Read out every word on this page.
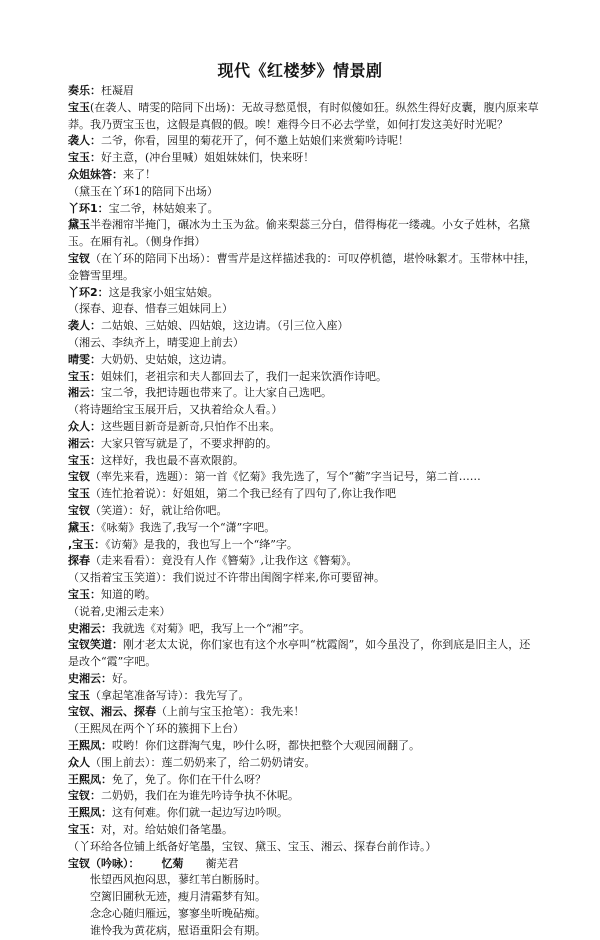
现代《红楼梦》情景剧
奏乐：枉凝眉
宝玉(在袭人、晴雯的陪同下出场)：无故寻愁觅恨，有时似傻如狂。纵然生得好皮囊，腹内原来草莽。我乃贾宝玉也，这假是真假的假。唉！难得今日不必去学堂，如何打发这美好时光呢？
袭人：二爷，你看，园里的菊花开了，何不邀上姑娘们来赏菊吟诗呢！
宝玉：好主意，(冲台里喊）姐姐妹妹们，快来呀！
众姐妹答：来了！
（黛玉在丫环1的陪同下出场）
丫环1：宝二爷，林姑娘来了。
黛玉半卷湘帘半掩门，碾冰为土玉为盆。偷来梨蕊三分白，借得梅花一缕魂。小女子姓林，名黛玉。在厢有礼。（侧身作揖）
宝钗（在丫环的陪同下出场）：曹雪芹是这样描述我的：可叹停机德，堪怜咏絮才。玉带林中挂，金簪雪里埋。
丫环2：这是我家小姐宝姑娘。
（探春、迎春、惜春三姐妹同上）
袭人：二姑娘、三姑娘、四姑娘，这边请。（引三位入座）
（湘云、李纨齐上，晴雯迎上前去）
晴雯：大奶奶、史姑娘，这边请。
宝玉：姐妹们，老祖宗和夫人都回去了，我们一起来饮酒作诗吧。
湘云：宝二爷，我把诗题也带来了。让大家自己选吧。
（将诗题给宝玉展开后，又执着给众人看。）
众人：这些题目新奇是新奇,只怕作不出来。
湘云：大家只管写就是了，不要求押韵的。
宝玉：这样好，我也最不喜欢限韵。
宝钗（率先来看，选题）：第一首《忆菊》我先选了，写个“蘅”字当记号，第二首……
宝玉（连忙抢着说）：好姐姐，第二个我已经有了四句了,你让我作吧
宝钗（笑道）：好，就让给你吧。
黛玉：《咏菊》我选了,我写一个“潇”字吧。
,宝玉：《访菊》是我的，我也写上一个“绛”字。
探春（走来看看）：竟没有人作《簪菊》,让我作这《簪菊》。
（又指着宝玉笑道）：我们说过不许带出闺阁字样来,你可要留神。
宝玉：知道的哟。
（说着,史湘云走来）
史湘云：我就选《对菊》吧，我写上一个“湘”字。
宝钗笑道：刚才老太太说，你们家也有这个水亭叫“枕霞阁”，如今虽没了，你到底是旧主人，还是改个“霞”字吧。
史湘云：好。
宝玉（拿起笔准备写诗）：我先写了。
宝钗、湘云、探春（上前与宝玉抢笔）：我先来！
（王熙凤在两个丫环的簇拥下上台）
王熙凤：哎哟！你们这群淘气鬼，吵什么呀，都快把整个大观园闹翻了。
众人（围上前去）：莲二奶奶来了，给二奶奶请安。
王熙凤：免了，免了。你们在干什么呀？
宝钗：二奶奶，我们在为谁先吟诗争执不休呢。
王熙凤：这有何难。你们就一起边写边吟呗。
宝玉：对，对。给姑娘们备笔墨。
（丫环给各位铺上纸备好笔墨，宝钗、黛玉、宝玉、湘云、探春台前作诗。）
宝钗（吟咏）： 忆菊 蘅芜君
怅望西风抱闷思，蓼红苇白断肠时。
空篱旧圃秋无迹，瘦月清霜梦有知。
念念心随归雁远，寥寥坐听晚砧痴。
谁怜我为黄花病，慰语重阳会有期。
